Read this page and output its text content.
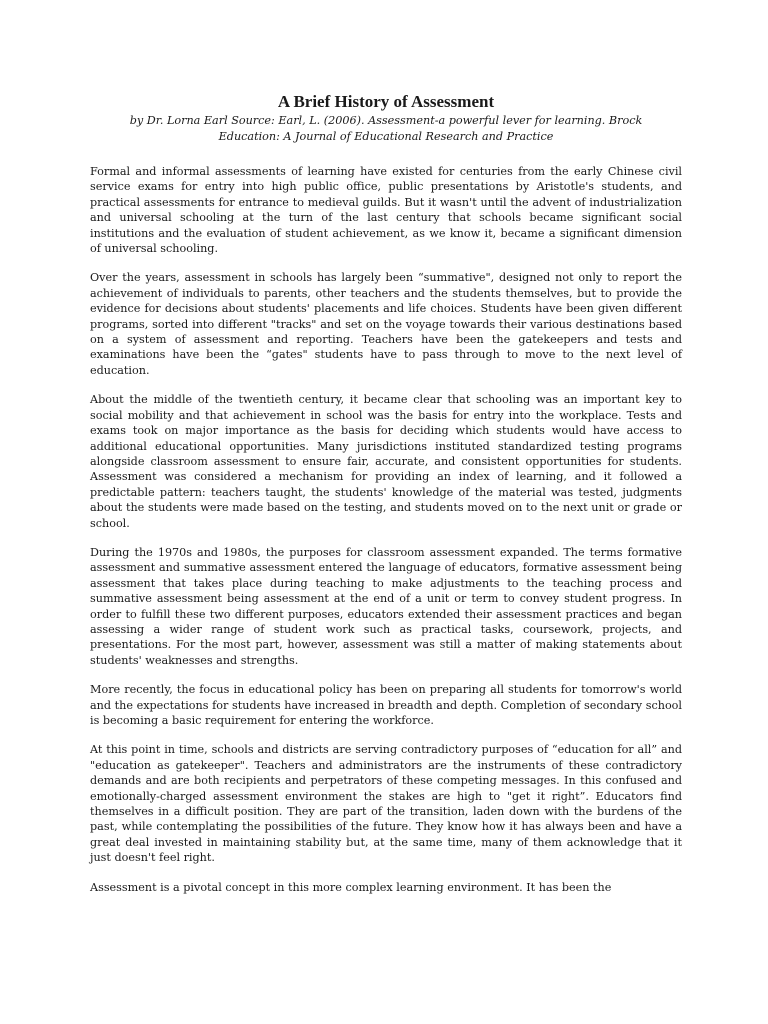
A Brief History of Assessment

by Dr. Lorna Earl Source: Earl, L. (2006). Assessment-a powerful lever for learning. Brock
Education: A Journal of Educational Research and Practice

Formal and informal assessments of learning have existed for centuries from the early Chinese civil service exams for entry into high public office, public presentations by Aristotle's students, and practical assessments for entrance to medieval guilds. But it wasn't until the advent of industrialization and universal schooling at the turn of the last century that schools became significant social institutions and the evaluation of student achievement, as we know it, became a significant dimension of universal schooling.

Over the years, assessment in schools has largely been “summative", designed not only to report the achievement of individuals to parents, other teachers and the students themselves, but to provide the evidence for decisions about students' placements and life choices. Students have been given different programs, sorted into different "tracks" and set on the voyage towards their various destinations based on a system of assessment and reporting. Teachers have been the gatekeepers and tests and examinations have been the “gates" students have to pass through to move to the next level of education.

About the middle of the twentieth century, it became clear that schooling was an important key to social mobility and that achievement in school was the basis for entry into the workplace. Tests and exams took on major importance as the basis for deciding which students would have access to additional educational opportunities. Many jurisdictions instituted standardized testing programs alongside classroom assessment to ensure fair, accurate, and consistent opportunities for students. Assessment was considered a mechanism for providing an index of learning, and it followed a predictable pattern: teachers taught, the students' knowledge of the material was tested, judgments about the students were made based on the testing, and students moved on to the next unit or grade or school.

During the 1970s and 1980s, the purposes for classroom assessment expanded. The terms formative assessment and summative assessment entered the language of educators, formative assessment being assessment that takes place during teaching to make adjustments to the teaching process and summative assessment being assessment at the end of a unit or term to convey student progress. In order to fulfill these two different purposes, educators extended their assessment practices and began assessing a wider range of student work such as practical tasks, coursework, projects, and presentations. For the most part, however, assessment was still a matter of making statements about students' weaknesses and strengths.

More recently, the focus in educational policy has been on preparing all students for tomorrow's world and the expectations for students have increased in breadth and depth. Completion of secondary school is becoming a basic requirement for entering the workforce.

At this point in time, schools and districts are serving contradictory purposes of “education for all” and "education as gatekeeper". Teachers and administrators are the instruments of these contradictory demands and are both recipients and perpetrators of these competing messages. In this confused and emotionally-charged assessment environment the stakes are high to "get it right”. Educators find themselves in a difficult position. They are part of the transition, laden down with the burdens of the past, while contemplating the possibilities of the future. They know how it has always been and have a great deal invested in maintaining stability but, at the same time, many of them acknowledge that it just doesn't feel right.

Assessment is a pivotal concept in this more complex learning environment. It has been the
